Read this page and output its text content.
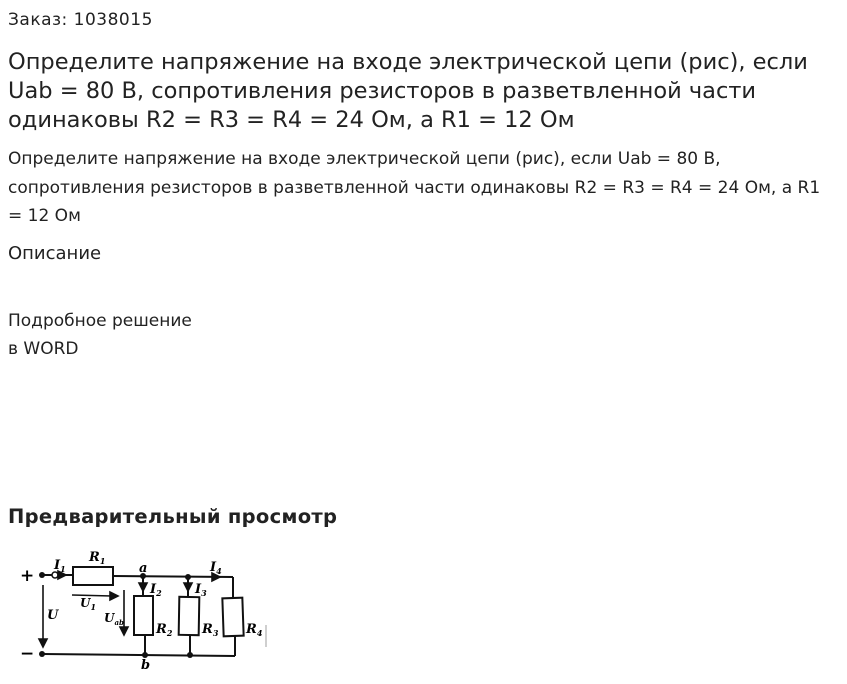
Заказ: 1038015
Определите напряжение на входе электрической цепи (рис), если Uab = 80 В, сопротивления резисторов в разветвленной части одинаковы R2 = R3 = R4 = 24 Ом, а R1 = 12 Ом
Определите напряжение на входе электрической цепи (рис), если Uab = 80 В, сопротивления резисторов в разветвленной части одинаковы R2 = R3 = R4 = 24 Ом, а R1 = 12 Ом
Описание
Подробное решение
в WORD
Предварительный просмотр
+
−
$I_1$
$R_1$	a	$I_4$
$I_2$	$I_3$
U
$U_1$
$U_{ab}$ $R_2$ $R_3$ $R_4$
b
